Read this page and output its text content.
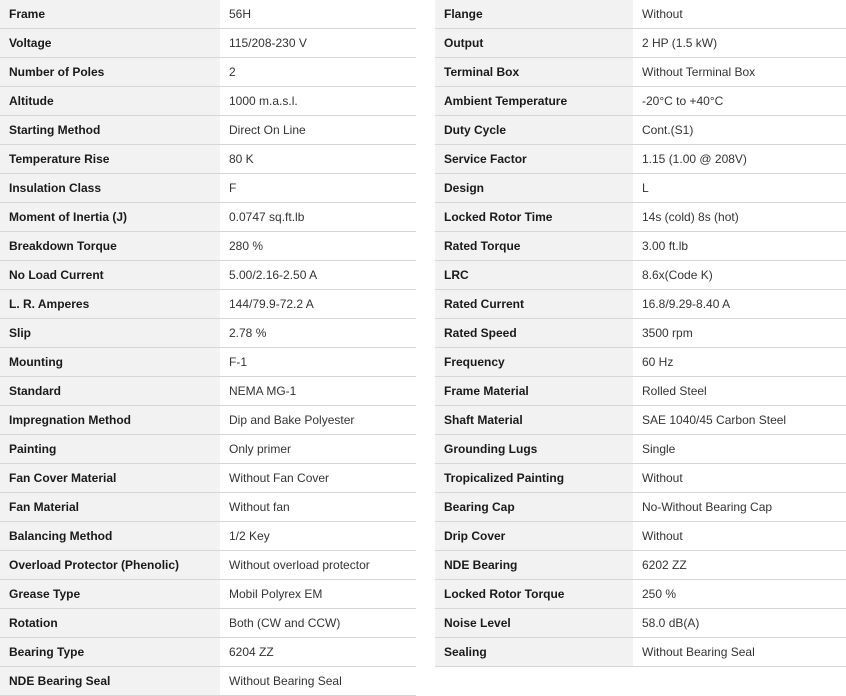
Frame	56H
Voltage	115/208-230 V
Number of Poles	2
Altitude	1000 m.a.s.l.
Starting Method	Direct On Line
Temperature Rise	80 K
Insulation Class	F
Moment of Inertia (J)	0.0747 sq.ft.lb
Breakdown Torque	280 %
No Load Current	5.00/2.16-2.50 A
L. R. Amperes	144/79.9-72.2 A
Slip	2.78 %
Mounting	F-1
Standard	NEMA MG-1
Impregnation Method	Dip and Bake Polyester
Painting	Only primer
Fan Cover Material	Without Fan Cover
Fan Material	Without fan
Balancing Method	1/2 Key
Overload Protector (Phenolic)	Without overload protector
Grease Type	Mobil Polyrex EM
Rotation	Both (CW and CCW)
Bearing Type	6204 ZZ
NDE Bearing Seal	Without Bearing Seal
Flange	Without
Output	2 HP (1.5 kW)
Terminal Box	Without Terminal Box
Ambient Temperature	-20°C to +40°C
Duty Cycle	Cont.(S1)
Service Factor	1.15 (1.00 @ 208V)
Design	L
Locked Rotor Time	14s (cold) 8s (hot)
Rated Torque	3.00 ft.lb
LRC	8.6x(Code K)
Rated Current	16.8/9.29-8.40 A
Rated Speed	3500 rpm
Frequency	60 Hz
Frame Material	Rolled Steel
Shaft Material	SAE 1040/45 Carbon Steel
Grounding Lugs	Single
Tropicalized Painting	Without
Bearing Cap	No-Without Bearing Cap
Drip Cover	Without
NDE Bearing	6202 ZZ
Locked Rotor Torque	250 %
Noise Level	58.0 dB(A)
Sealing	Without Bearing Seal
